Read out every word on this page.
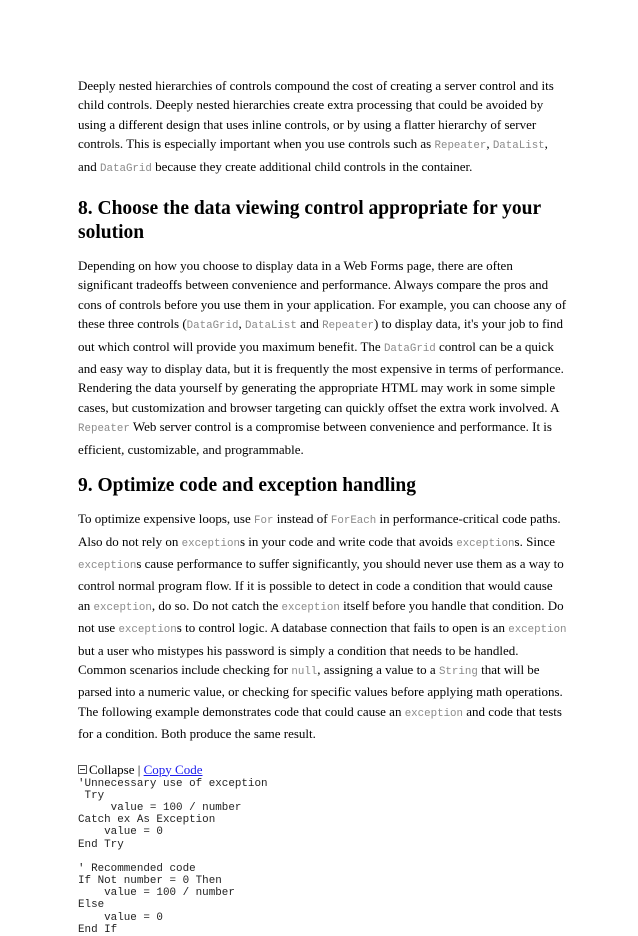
Deeply nested hierarchies of controls compound the cost of creating a server control and its child controls. Deeply nested hierarchies create extra processing that could be avoided by using a different design that uses inline controls, or by using a flatter hierarchy of server controls. This is especially important when you use controls such as Repeater, DataList, and DataGrid because they create additional child controls in the container.

8. Choose the data viewing control appropriate for your solution

Depending on how you choose to display data in a Web Forms page, there are often significant tradeoffs between convenience and performance. Always compare the pros and cons of controls before you use them in your application. For example, you can choose any of these three controls (DataGrid, DataList and Repeater) to display data, it's your job to find out which control will provide you maximum benefit. The DataGrid control can be a quick and easy way to display data, but it is frequently the most expensive in terms of performance. Rendering the data yourself by generating the appropriate HTML may work in some simple cases, but customization and browser targeting can quickly offset the extra work involved. A Repeater Web server control is a compromise between convenience and performance. It is efficient, customizable, and programmable.

9. Optimize code and exception handling

To optimize expensive loops, use For instead of ForEach in performance-critical code paths. Also do not rely on exceptions in your code and write code that avoids exceptions. Since exceptions cause performance to suffer significantly, you should never use them as a way to control normal program flow. If it is possible to detect in code a condition that would cause an exception, do so. Do not catch the exception itself before you handle that condition. Do not use exceptions to control logic. A database connection that fails to open is an exception but a user who mistypes his password is simply a condition that needs to be handled. Common scenarios include checking for null, assigning a value to a String that will be parsed into a numeric value, or checking for specific values before applying math operations. The following example demonstrates code that could cause an exception and code that tests for a condition. Both produce the same result.

Collapse | Copy Code
'Unnecessary use of exception
Try
value = 100 / number
Catch ex As Exception
value = 0
End Try
' Recommended code
If Not number = 0 Then
value = 100 / number
Else
value = 0
End If
